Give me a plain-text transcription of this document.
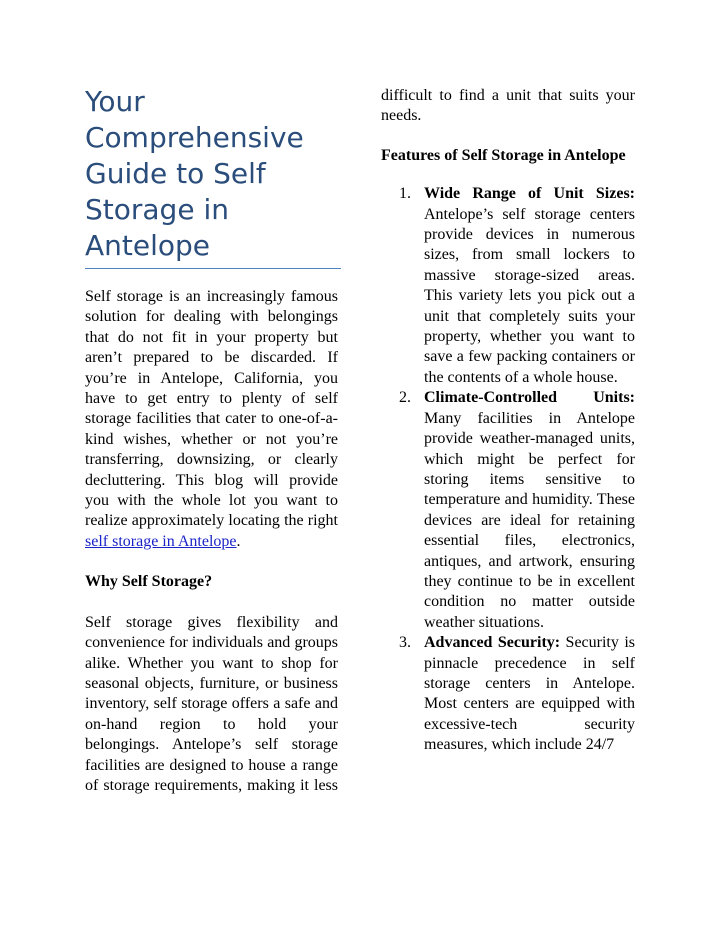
Your Comprehensive Guide to Self Storage in Antelope

Self storage is an increasingly famous solution for dealing with belongings that do not fit in your property but aren’t prepared to be discarded. If you’re in Antelope, California, you have to get entry to plenty of self storage facilities that cater to one-of-a-kind wishes, whether or not you’re transferring, downsizing, or clearly decluttering. This blog will provide you with the whole lot you want to realize approximately locating the right self storage in Antelope.

Why Self Storage?

Self storage gives flexibility and convenience for individuals and groups alike. Whether you want to shop for seasonal objects, furniture, or business inventory, self storage offers a safe and on-hand region to hold your belongings. Antelope’s self storage facilities are designed to house a range of storage requirements, making it less

difficult to find a unit that suits your needs.

Features of Self Storage in Antelope
1. Wide Range of Unit Sizes: Antelope’s self storage centers provide devices in numerous sizes, from small lockers to massive storage-sized areas. This variety lets you pick out a unit that completely suits your property, whether you want to save a few packing containers or the contents of a whole house.
2. Climate-Controlled Units: Many facilities in Antelope provide weather-managed units, which might be perfect for storing items sensitive to temperature and humidity. These devices are ideal for retaining essential files, electronics, antiques, and artwork, ensuring they continue to be in excellent condition no matter outside weather situations.
3. Advanced Security: Security is pinnacle precedence in self storage centers in Antelope. Most centers are equipped with excessive-tech security measures, which include 24/7
